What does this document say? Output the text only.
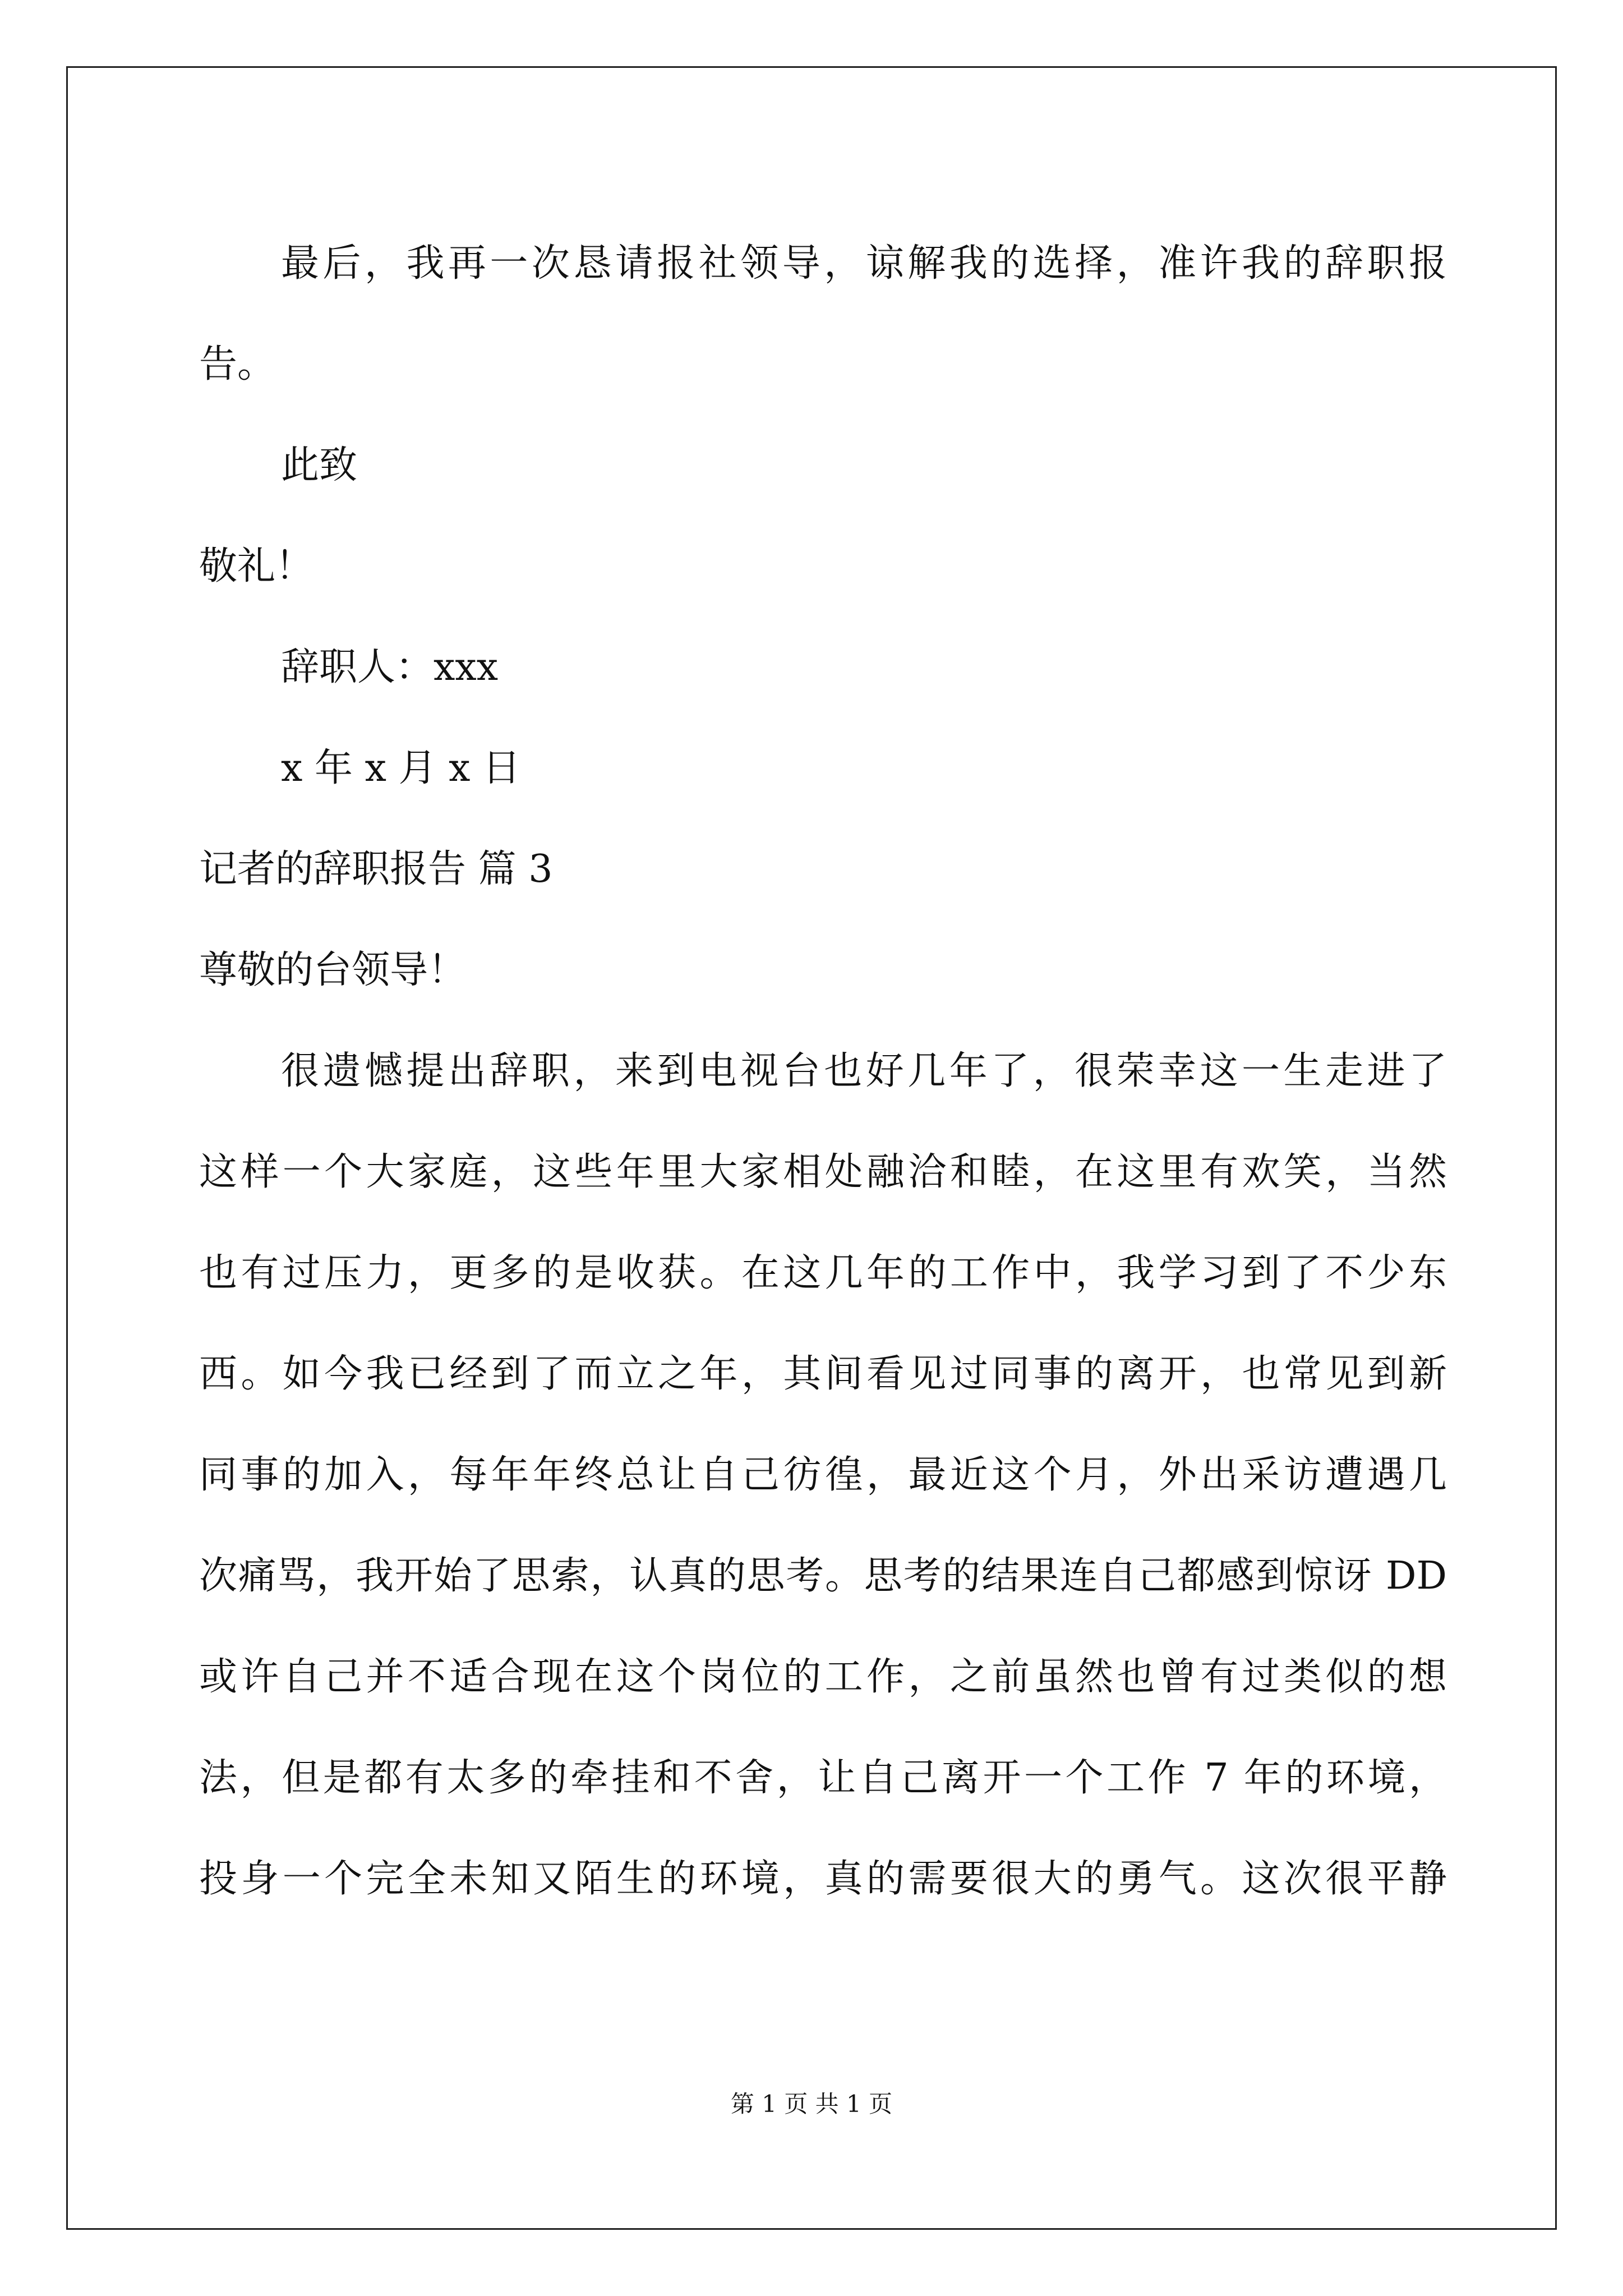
最后，我再一次恳请报社领导，谅解我的选择，准许我的辞职报

告。

此致

敬礼！

辞职人：xxx

x 年 x 月 x 日

记者的辞职报告 篇 3

尊敬的台领导！

很遗憾提出辞职，来到电视台也好几年了，很荣幸这一生走进了

这样一个大家庭，这些年里大家相处融洽和睦，在这里有欢笑，当然

也有过压力，更多的是收获。在这几年的工作中，我学习到了不少东

西。如今我已经到了而立之年，其间看见过同事的离开，也常见到新

同事的加入，每年年终总让自己彷徨，最近这个月，外出采访遭遇几

次痛骂，我开始了思索，认真的思考。思考的结果连自己都感到惊讶 DD

或许自己并不适合现在这个岗位的工作，之前虽然也曾有过类似的想

法，但是都有太多的牵挂和不舍，让自己离开一个工作 7 年的环境，

投身一个完全未知又陌生的环境，真的需要很大的勇气。这次很平静

第 1 页 共 1 页
